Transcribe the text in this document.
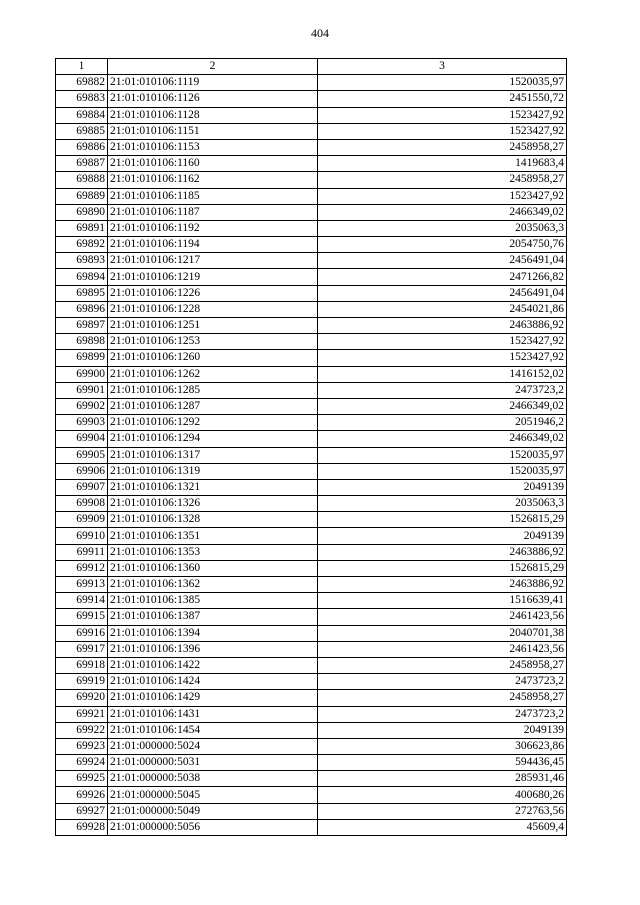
404
1	2	3
69882	21:01:010106:1119	1520035,97
69883	21:01:010106:1126	2451550,72
69884	21:01:010106:1128	1523427,92
69885	21:01:010106:1151	1523427,92
69886	21:01:010106:1153	2458958,27
69887	21:01:010106:1160	1419683,4
69888	21:01:010106:1162	2458958,27
69889	21:01:010106:1185	1523427,92
69890	21:01:010106:1187	2466349,02
69891	21:01:010106:1192	2035063,3
69892	21:01:010106:1194	2054750,76
69893	21:01:010106:1217	2456491,04
69894	21:01:010106:1219	2471266,82
69895	21:01:010106:1226	2456491,04
69896	21:01:010106:1228	2454021,86
69897	21:01:010106:1251	2463886,92
69898	21:01:010106:1253	1523427,92
69899	21:01:010106:1260	1523427,92
69900	21:01:010106:1262	1416152,02
69901	21:01:010106:1285	2473723,2
69902	21:01:010106:1287	2466349,02
69903	21:01:010106:1292	2051946,2
69904	21:01:010106:1294	2466349,02
69905	21:01:010106:1317	1520035,97
69906	21:01:010106:1319	1520035,97
69907	21:01:010106:1321	2049139
69908	21:01:010106:1326	2035063,3
69909	21:01:010106:1328	1526815,29
69910	21:01:010106:1351	2049139
69911	21:01:010106:1353	2463886,92
69912	21:01:010106:1360	1526815,29
69913	21:01:010106:1362	2463886,92
69914	21:01:010106:1385	1516639,41
69915	21:01:010106:1387	2461423,56
69916	21:01:010106:1394	2040701,38
69917	21:01:010106:1396	2461423,56
69918	21:01:010106:1422	2458958,27
69919	21:01:010106:1424	2473723,2
69920	21:01:010106:1429	2458958,27
69921	21:01:010106:1431	2473723,2
69922	21:01:010106:1454	2049139
69923	21:01:000000:5024	306623,86
69924	21:01:000000:5031	594436,45
69925	21:01:000000:5038	285931,46
69926	21:01:000000:5045	400680,26
69927	21:01:000000:5049	272763,56
69928	21:01:000000:5056	45609,4
